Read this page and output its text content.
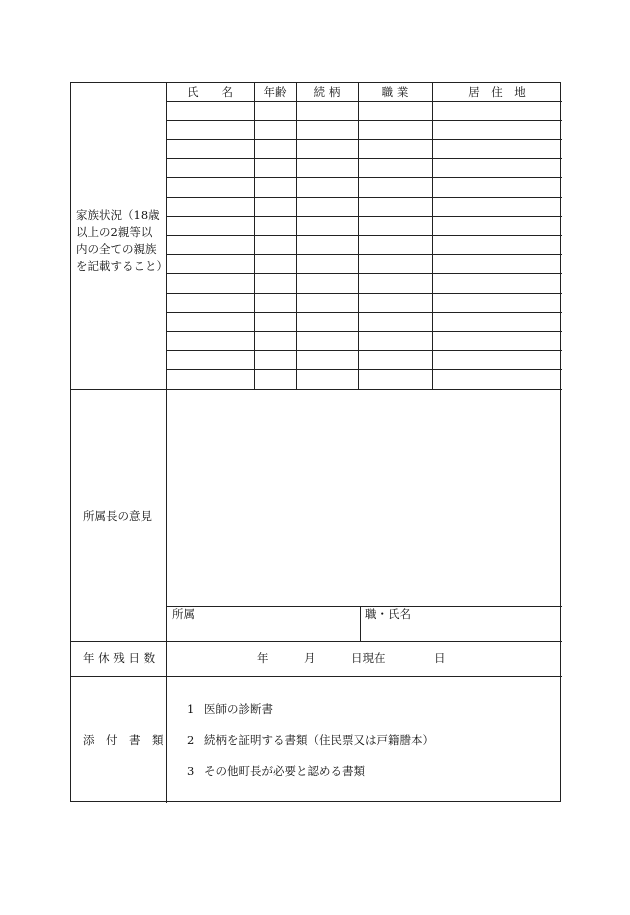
氏　　名	年齢	続 柄	職 業	居　住　地
家族状況（18歳
以上の2親等以
内の全ての親族
を記載すること）
所属長の意見
所属	職・氏名
年 休 残 日 数	年	月	日現在	日
添　付　書　類
1 医師の診断書
2 続柄を証明する書類（住民票又は戸籍謄本）
3 その他町長が必要と認める書類
